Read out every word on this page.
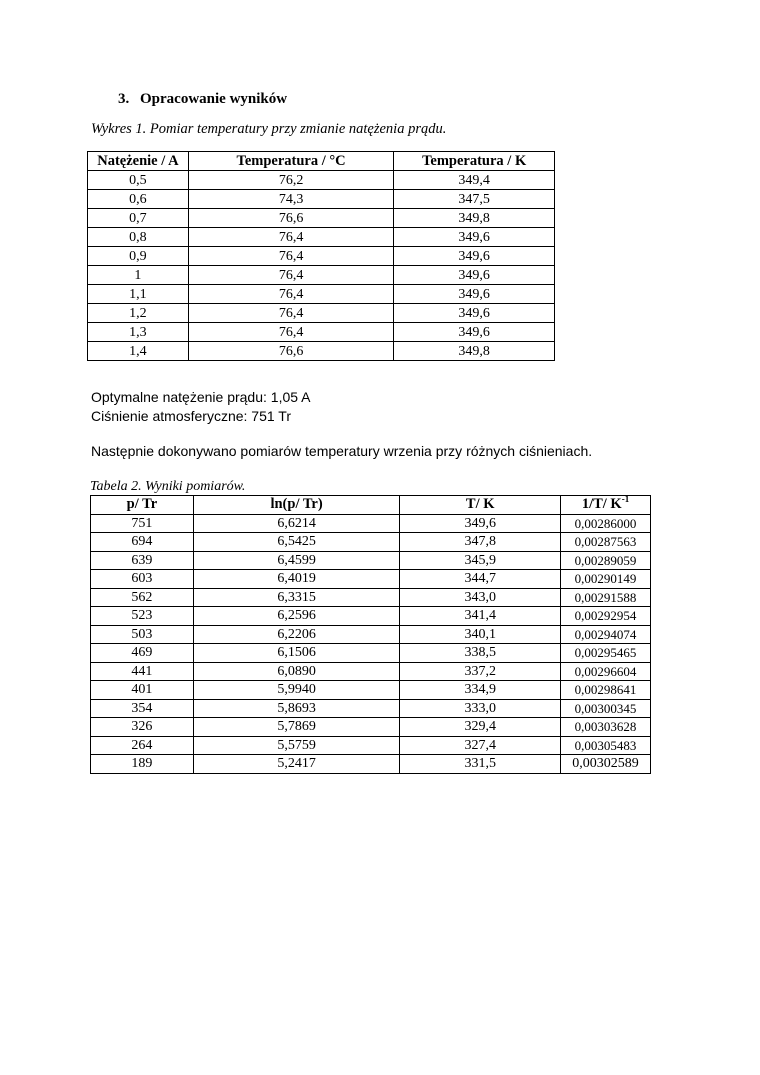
3. Opracowanie wyników
Wykres 1. Pomiar temperatury przy zmianie natężenia prądu.
Natężenie / A	Temperatura / °C	Temperatura / K
0,5	76,2	349,4
0,6	74,3	347,5
0,7	76,6	349,8
0,8	76,4	349,6
0,9	76,4	349,6
1	76,4	349,6
1,1	76,4	349,6
1,2	76,4	349,6
1,3	76,4	349,6
1,4	76,6	349,8
Optymalne natężenie prądu: 1,05 A
Ciśnienie atmosferyczne: 751 Tr
Następnie dokonywano pomiarów temperatury wrzenia przy różnych ciśnieniach.
Tabela 2. Wyniki pomiarów.
p/ Tr	ln(p/ Tr)	T/ K	1/T/ $K^{-1}$
751	6,6214	349,6	0,00286000
694	6,5425	347,8	0,00287563
639	6,4599	345,9	0,00289059
603	6,4019	344,7	0,00290149
562	6,3315	343,0	0,00291588
523	6,2596	341,4	0,00292954
503	6,2206	340,1	0,00294074
469	6,1506	338,5	0,00295465
441	6,0890	337,2	0,00296604
401	5,9940	334,9	0,00298641
354	5,8693	333,0	0,00300345
326	5,7869	329,4	0,00303628
264	5,5759	327,4	0,00305483
189	5,2417	331,5	0,00302589
